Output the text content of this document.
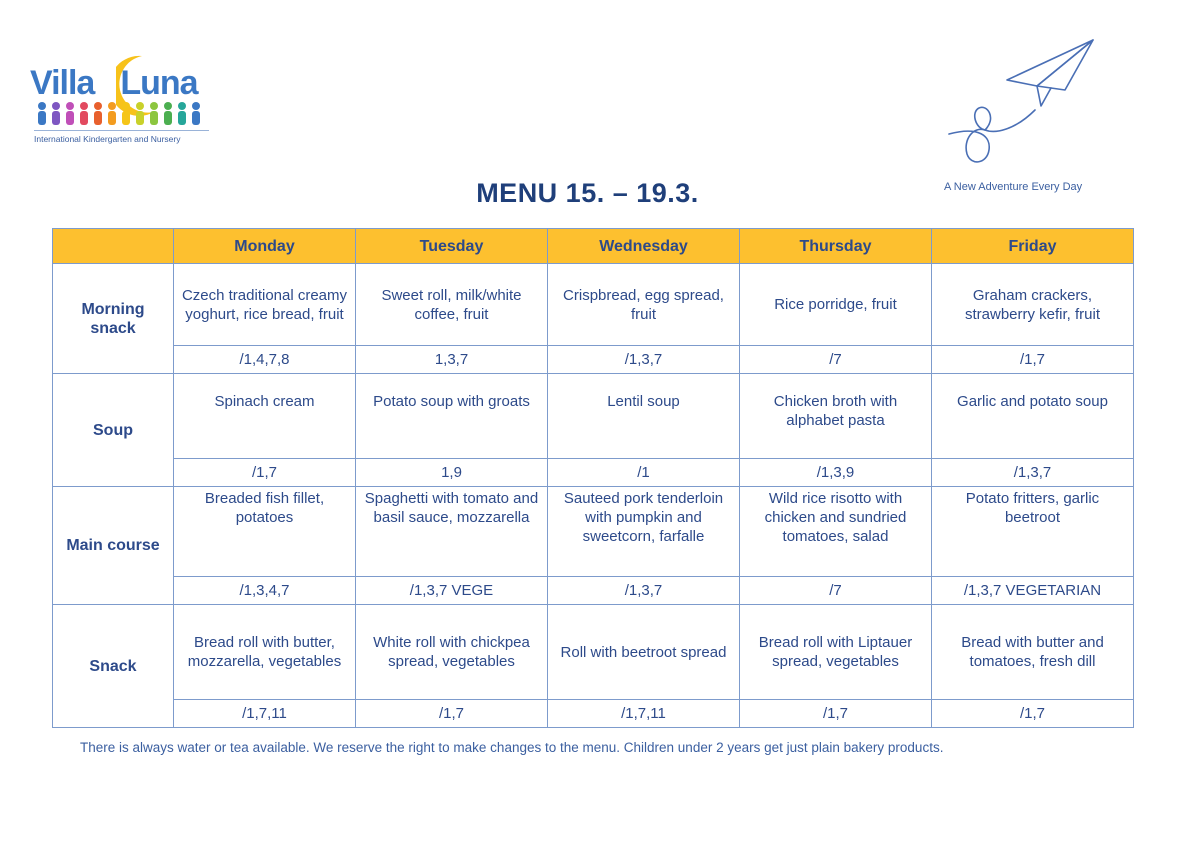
Villa Luna
International Kindergarten and Nursery
A New Adventure Every Day
MENU 15. – 19.3.
	Monday	Tuesday	Wednesday	Thursday	Friday
Morning snack	Czech traditional creamy yoghurt, rice bread, fruit	Sweet roll, milk/white coffee, fruit	Crispbread, egg spread, fruit	Rice porridge, fruit	Graham crackers, strawberry kefir, fruit
	/1,4,7,8	1,3,7	/1,3,7	/7	/1,7
Soup	Spinach cream	Potato soup with groats	Lentil soup	Chicken broth with alphabet pasta	Garlic and potato soup
	/1,7	1,9	/1	/1,3,9	/1,3,7
Main course	Breaded fish fillet, potatoes	Spaghetti with tomato and basil sauce, mozzarella	Sauteed pork tenderloin with pumpkin and sweetcorn, farfalle	Wild rice risotto with chicken and sundried tomatoes, salad	Potato fritters, garlic beetroot
	/1,3,4,7	/1,3,7 VEGE	/1,3,7	/7	/1,3,7 VEGETARIAN
Snack	Bread roll with butter, mozzarella, vegetables	White roll with chickpea spread, vegetables	Roll with beetroot spread	Bread roll with Liptauer spread, vegetables	Bread with butter and tomatoes, fresh dill
	/1,7,11	/1,7	/1,7,11	/1,7	/1,7
There is always water or tea available. We reserve the right to make changes to the menu. Children under 2 years get just plain bakery products.
